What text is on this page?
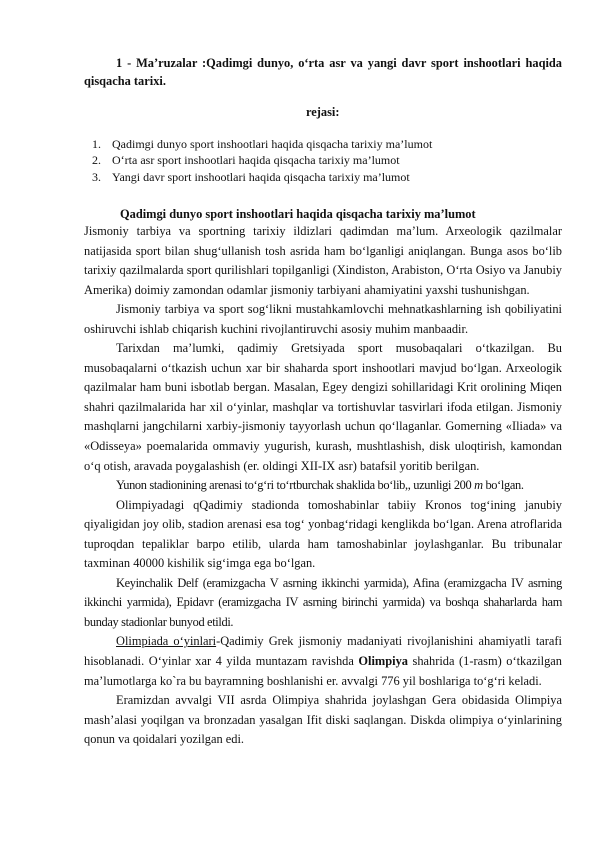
1 - Ma’ruzalar :Qadimgi dunyo, o‘rta asr va yangi davr sport inshootlari haqida qisqacha tarixi.
rejasi:
1. Qadimgi dunyo sport inshootlari haqida qisqacha tarixiy ma’lumot
2. O‘rta asr sport inshootlari haqida qisqacha tarixiy ma’lumot
3. Yangi davr sport inshootlari haqida qisqacha tarixiy ma’lumot
Qadimgi dunyo sport inshootlari haqida qisqacha tarixiy ma’lumot

Jismoniy tarbiya va sportning tarixiy ildizlari qadimdan ma’lum. Arxeologik qazilmalar natijasida sport bilan shug‘ullanish tosh asrida ham bo‘lganligi aniqlangan. Bunga asos bo‘lib tarixiy qazilmalarda sport qurilishlari topilganligi (Xindiston, Arabiston, O‘rta Osiyo va Janubiy Amerika) doimiy zamondan odamlar jismoniy tarbiyani ahamiyatini yaxshi tushunishgan.

Jismoniy tarbiya va sport sog‘likni mustahkamlovchi mehnatkashlarning ish qobiliyatini oshiruvchi ishlab chiqarish kuchini rivojlantiruvchi asosiy muhim manbaadir.

Tarixdan ma’lumki, qadimiy Gretsiyada sport musobaqalari o‘tkazilgan. Bu musobaqalarni o‘tkazish uchun xar bir shaharda sport inshootlari mavjud bo‘lgan. Arxeologik qazilmalar ham buni isbotlab bergan. Masalan, Egey dengizi sohillaridagi Krit orolining Miqen shahri qazilmalarida har xil o‘yinlar, mashqlar va tortishuvlar tasvirlari ifoda etilgan. Jismoniy mashqlarni jangchilarni xarbiy-jismoniy tayyorlash uchun qo‘llaganlar. Gomerning «Iliada» va «Odisseya» poemalarida ommaviy yugurish, kurash, mushtlashish, disk uloqtirish, kamondan o‘q otish, aravada poygalashish (er. oldingi XII-IX asr) batafsil yoritib berilgan.

Yunon stadionining arenasi to‘g‘ri to‘rtburchak shaklida bo‘lib,, uzunligi 200 m bo‘lgan.

Olimpiyadagi qQadimiy stadionda tomoshabinlar tabiiy Kronos tog‘ining janubiy qiyaligidan joy olib, stadion arenasi esa tog‘ yonbag‘ridagi kenglikda bo‘lgan. Arena atroflarida tuproqdan tepaliklar barpo etilib, ularda ham tamoshabinlar joylashganlar. Bu tribunalar taxminan 40000 kishilik sig‘imga ega bo‘lgan.

Keyinchalik Delf (eramizgacha V asrning ikkinchi yarmida), Afina (eramizgacha IV asrning ikkinchi yarmida), Epidavr (eramizgacha IV asrning birinchi yarmida) va boshqa shaharlarda ham bunday stadionlar bunyod etildi.

Olimpiada o‘yinlari-Qadimiy Grek jismoniy madaniyati rivojlanishini ahamiyatli tarafi hisoblanadi. O‘yinlar xar 4 yilda muntazam ravishda Olimpiya shahrida (1-rasm) o‘tkazilgan ma’lumotlarga ko`ra bu bayramning boshlanishi er. avvalgi 776 yil boshlariga to‘g‘ri keladi.

Eramizdan avvalgi VII asrda Olimpiya shahrida joylashgan Gera obidasida Olimpiya mash’alasi yoqilgan va bronzadan yasalgan Ifit diski saqlangan. Diskda olimpiya o‘yinlarining qonun va qoidalari yozilgan edi.
